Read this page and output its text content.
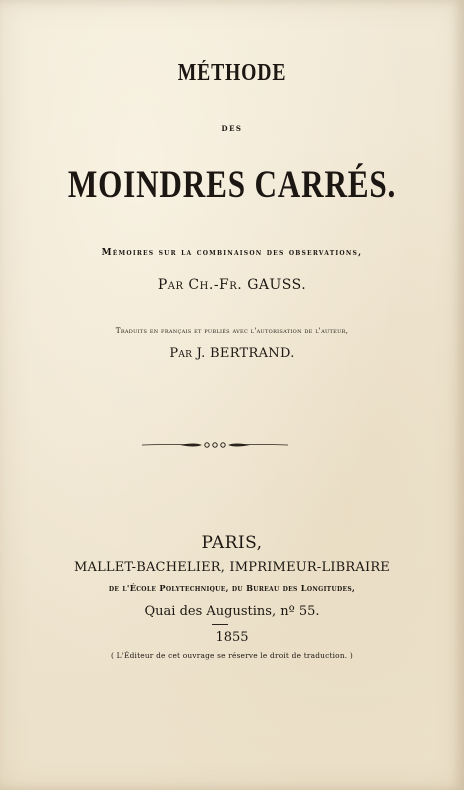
MÉTHODE
DES
MOINDRES CARRÉS.
Mémoires sur la combinaison des observations,
Par Ch.-Fr. GAUSS.
Traduits en français et publiés avec l'autorisation de l'auteur,
Par J. BERTRAND.
PARIS,
MALLET-BACHELIER, IMPRIMEUR-LIBRAIRE
de l'École Polytechnique, du Bureau des Longitudes,
Quai des Augustins, nº 55.
1855
( L'Éditeur de cet ouvrage se réserve le droit de traduction. )
